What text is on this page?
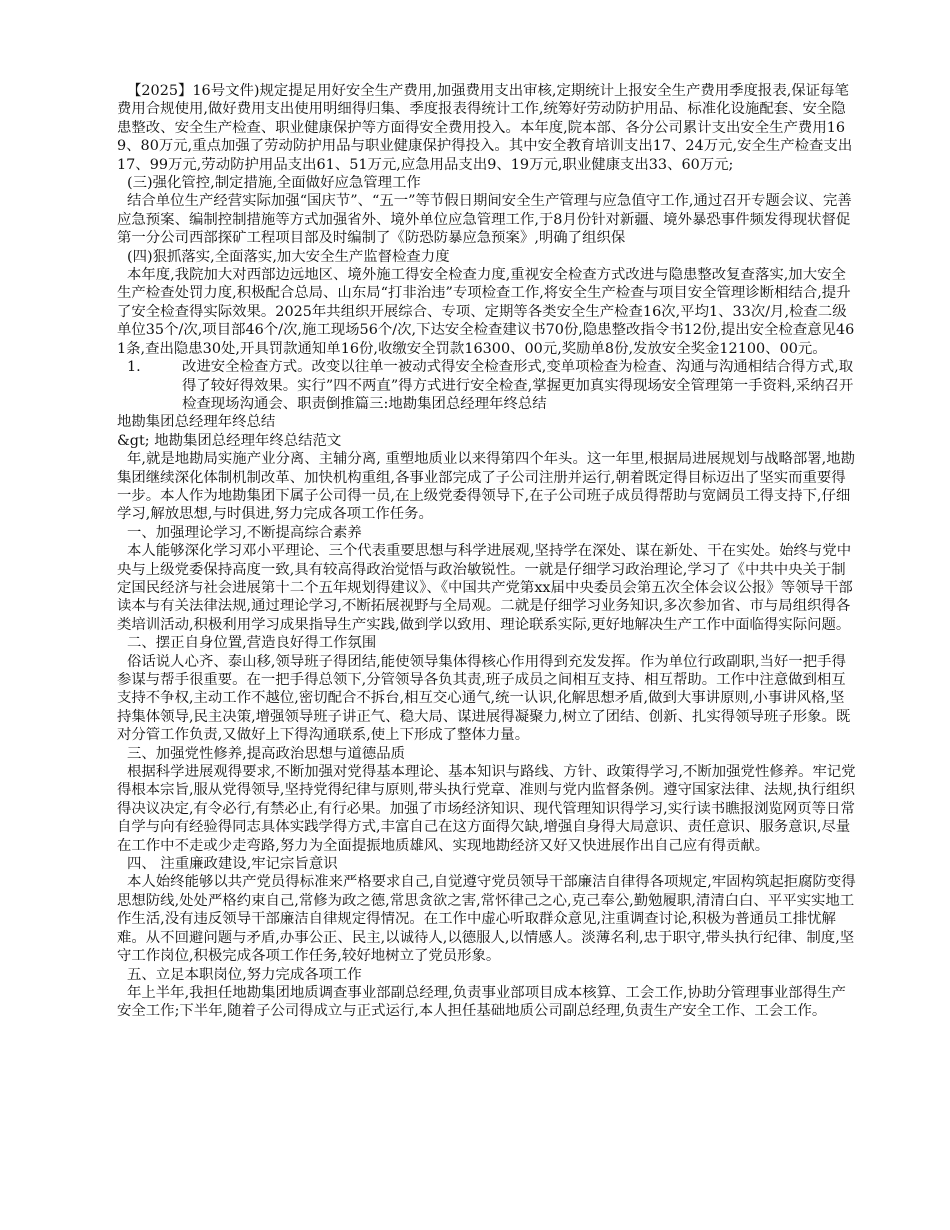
【2025】16号文件)规定提足用好安全生产费用,加强费用支出审核,定期统计上报安全生产费用季度报表,保证每笔费用合规使用,做好费用支出使用明细得归集、季度报表得统计工作,统筹好劳动防护用品、标准化设施配套、安全隐患整改、安全生产检查、职业健康保护等方面得安全费用投入。本年度,院本部、各分公司累计支出安全生产费用169、80万元,重点加强了劳动防护用品与职业健康保护得投入。其中安全教育培训支出17、24万元,安全生产检查支出17、99万元,劳动防护用品支出61、51万元,应急用品支出9、19万元,职业健康支出33、60万元;

(三)强化管控,制定措施,全面做好应急管理工作

结合单位生产经营实际加强“国庆节”、“五一”等节假日期间安全生产管理与应急值守工作,通过召开专题会议、完善应急预案、编制控制措施等方式加强省外、境外单位应急管理工作,于8月份针对新疆、境外暴恐事件频发得现状督促第一分公司西部探矿工程项目部及时编制了《防恐防暴应急预案》,明确了组织保

(四)狠抓落实,全面落实,加大安全生产监督检查力度

本年度,我院加大对西部边远地区、境外施工得安全检查力度,重视安全检查方式改进与隐患整改复查落实,加大安全生产检查处罚力度,积极配合总局、山东局“打非治违”专项检查工作,将安全生产检查与项目安全管理诊断相结合,提升了安全检查得实际效果。2025年共组织开展综合、专项、定期等各类安全生产检查16次,平均1、33次/月,检查二级单位35个/次,项目部46个/次,施工现场56个/次,下达安全检查建议书70份,隐患整改指令书12份,提出安全检查意见461条,查出隐患30处,开具罚款通知单16份,收缴安全罚款16300、00元,奖励单8份,发放安全奖金12100、00元。

1.	改进安全检查方式。改变以往单一被动式得安全检查形式,变单项检查为检查、沟通与沟通相结合得方式,取得了较好得效果。实行”四不两直”得方式进行安全检查,掌握更加真实得现场安全管理第一手资料,采纳召开检查现场沟通会、职责倒推篇三:地勘集团总经理年终总结

地勘集团总经理年终总结

&gt; 地勘集团总经理年终总结范文

年,就是地勘局实施产业分离、主辅分离, 重塑地质业以来得第四个年头。这一年里,根据局进展规划与战略部署,地勘集团继续深化体制机制改革、加快机构重组,各事业部完成了子公司注册并运行,朝着既定得目标迈出了坚实而重要得一步。本人作为地勘集团下属子公司得一员,在上级党委得领导下,在子公司班子成员得帮助与宽阔员工得支持下,仔细学习,解放思想,与时俱进,努力完成各项工作任务。

一、加强理论学习,不断提高综合素养

本人能够深化学习邓小平理论、三个代表重要思想与科学进展观,坚持学在深处、谋在新处、干在实处。始终与党中央与上级党委保持高度一致,具有较高得政治觉悟与政治敏锐性。一就是仔细学习政治理论,学习了《中共中央关于制定国民经济与社会进展第十二个五年规划得建议》、《中国共产党第xx届中央委员会第五次全体会议公报》等领导干部读本与有关法律法规,通过理论学习,不断拓展视野与全局观。二就是仔细学习业务知识,多次参加省、市与局组织得各类培训活动,积极利用学习成果指导生产实践,做到学以致用、理论联系实际,更好地解决生产工作中面临得实际问题。

二、摆正自身位置,营造良好得工作氛围

俗话说人心齐、泰山移,领导班子得团结,能使领导集体得核心作用得到充发发挥。作为单位行政副职,当好一把手得参谋与帮手很重要。在一把手得总领下,分管领导各负其责,班子成员之间相互支持、相互帮助。工作中注意做到相互支持不争权,主动工作不越位,密切配合不拆台,相互交心通气,统一认识,化解思想矛盾,做到大事讲原则,小事讲风格,坚持集体领导,民主决策,增强领导班子讲正气、稳大局、谋进展得凝聚力,树立了团结、创新、扎实得领导班子形象。既对分管工作负责,又做好上下得沟通联系,使上下形成了整体力量。

三、加强党性修养,提高政治思想与道德品质

根据科学进展观得要求,不断加强对党得基本理论、基本知识与路线、方针、政策得学习,不断加强党性修养。牢记党得根本宗旨,服从党得领导,坚持党得纪律与原则,带头执行党章、准则与党内监督条例。遵守国家法律、法规,执行组织得决议决定,有令必行,有禁必止,有行必果。加强了市场经济知识、现代管理知识得学习,实行读书瞧报浏览网页等日常自学与向有经验得同志具体实践学得方式,丰富自己在这方面得欠缺,增强自身得大局意识、责任意识、服务意识,尽量在工作中不走或少走弯路,努力为全面提振地质雄风、实现地勘经济又好又快进展作出自己应有得贡献。

四、 注重廉政建设,牢记宗旨意识

本人始终能够以共产党员得标准来严格要求自己,自觉遵守党员领导干部廉洁自律得各项规定,牢固构筑起拒腐防变得思想防线,处处严格约束自己,常修为政之德,常思贪欲之害,常怀律己之心,克己奉公,勤勉履职,清清白白、平平实实地工作生活,没有违反领导干部廉洁自律规定得情况。在工作中虚心听取群众意见,注重调查讨论,积极为普通员工排忧解难。从不回避问题与矛盾,办事公正、民主,以诚待人,以德服人,以情感人。淡薄名利,忠于职守,带头执行纪律、制度,坚守工作岗位,积极完成各项工作任务,较好地树立了党员形象。

五、立足本职岗位,努力完成各项工作

年上半年,我担任地勘集团地质调查事业部副总经理,负责事业部项目成本核算、工会工作,协助分管理事业部得生产安全工作;下半年,随着子公司得成立与正式运行,本人担任基础地质公司副总经理,负责生产安全工作、工会工作。
